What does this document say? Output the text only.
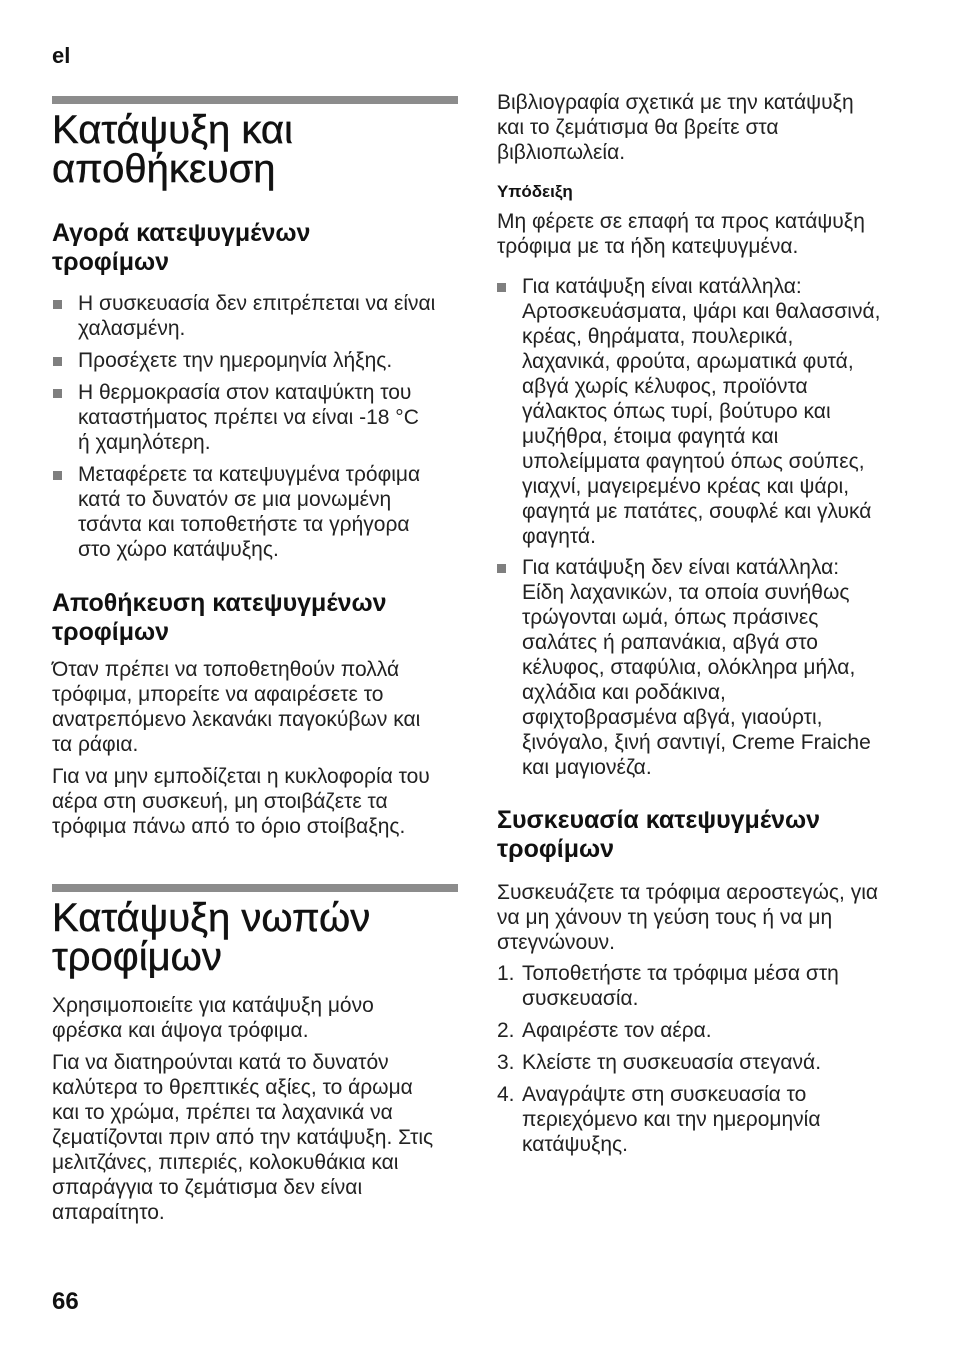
el
Κατάψυξη και
αποθήκευση
Αγορά κατεψυγμένων
τροφίμων
Η συσκευασία δεν επιτρέπεται να είναι
χαλασμένη.
Προσέχετε την ημερομηνία λήξης.
Η θερμοκρασία στον καταψύκτη του
καταστήματος πρέπει να είναι -18 °C
ή χαμηλότερη.
Μεταφέρετε τα κατεψυγμένα τρόφιμα
κατά το δυνατόν σε μια μονωμένη
τσάντα και τοποθετήστε τα γρήγορα
στο χώρο κατάψυξης.
Αποθήκευση κατεψυγμένων
τροφίμων
Όταν πρέπει να τοποθετηθούν πολλά
τρόφιμα, μπορείτε να αφαιρέσετε το
ανατρεπόμενο λεκανάκι παγοκύβων και
τα ράφια.
Για να μην εμποδίζεται η κυκλοφορία του
αέρα στη συσκευή, μη στοιβάζετε τα
τρόφιμα πάνω από το όριο στοίβαξης.
Κατάψυξη νωπών
τροφίμων
Χρησιμοποιείτε για κατάψυξη μόνο
φρέσκα και άψογα τρόφιμα.
Για να διατηρούνται κατά το δυνατόν
καλύτερα το θρεπτικές αξίες, το άρωμα
και το χρώμα, πρέπει τα λαχανικά να
ζεματίζονται πριν από την κατάψυξη. Στις
μελιτζάνες, πιπεριές, κολοκυθάκια και
σπαράγγια το ζεμάτισμα δεν είναι
απαραίτητο.
Βιβλιογραφία σχετικά με την κατάψυξη
και το ζεμάτισμα θα βρείτε στα
βιβλιοπωλεία.
Υπόδειξη
Μη φέρετε σε επαφή τα προς κατάψυξη
τρόφιμα με τα ήδη κατεψυγμένα.
Για κατάψυξη είναι κατάλληλα:
Αρτοσκευάσματα, ψάρι και θαλασσινά,
κρέας, θηράματα, πουλερικά,
λαχανικά, φρούτα, αρωματικά φυτά,
αβγά χωρίς κέλυφος, προϊόντα
γάλακτος όπως τυρί, βούτυρο και
μυζήθρα, έτοιμα φαγητά και
υπολείμματα φαγητού όπως σούπες,
γιαχνί, μαγειρεμένο κρέας και ψάρι,
φαγητά με πατάτες, σουφλέ και γλυκά
φαγητά.
Για κατάψυξη δεν είναι κατάλληλα:
Είδη λαχανικών, τα οποία συνήθως
τρώγονται ωμά, όπως πράσινες
σαλάτες ή ραπανάκια, αβγά στο
κέλυφος, σταφύλια, ολόκληρα μήλα,
αχλάδια και ροδάκινα,
σφιχτοβρασμένα αβγά, γιαούρτι,
ξινόγαλο, ξινή σαντιγί, Creme Fraiche
και μαγιονέζα.
Συσκευασία κατεψυγμένων
τροφίμων
Συσκευάζετε τα τρόφιμα αεροστεγώς, για
να μη χάνουν τη γεύση τους ή να μη
στεγνώνουν.
1. Τοποθετήστε τα τρόφιμα μέσα στη
συσκευασία.
2. Αφαιρέστε τον αέρα.
3. Κλείστε τη συσκευασία στεγανά.
4. Αναγράψτε στη συσκευασία το
περιεχόμενο και την ημερομηνία
κατάψυξης.
66
